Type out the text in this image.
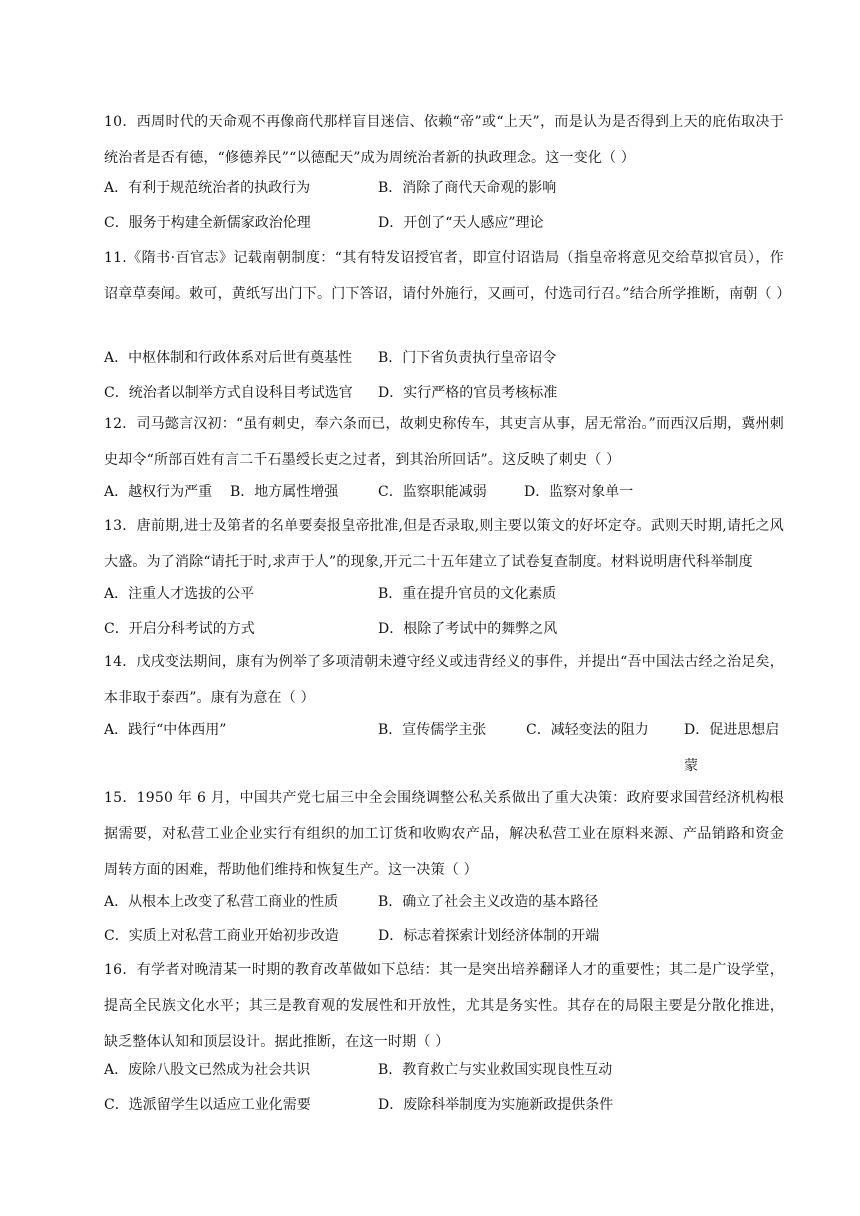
10．西周时代的天命观不再像商代那样盲目迷信、依赖“帝”或“上天”，而是认为是否得到上天的庇佑取决于统治者是否有德，“修德养民”“以德配天”成为周统治者新的执政理念。这一变化（ ）
A．有利于规范统治者的执政行为	B．消除了商代天命观的影响
C．服务于构建全新儒家政治伦理	D．开创了“天人感应”理论
11.《隋书·百官志》记载南朝制度：“其有特发诏授官者，即宣付诏诰局（指皇帝将意见交给草拟官员），作诏章草奏闻。敕可，黄纸写出门下。门下答诏，请付外施行，又画可，付选司行召。”结合所学推断，南朝（ ）
A．中枢体制和行政体系对后世有奠基性 B．门下省负责执行皇帝诏令
C．统治者以制举方式自设科目考试选官 D．实行严格的官员考核标准
12．司马懿言汉初：“虽有刺史，奉六条而已，故刺史称传车，其吏言从事，居无常治。”而西汉后期，冀州刺史却令“所部百姓有言二千石墨绶长吏之过者，到其治所回话”。这反映了刺史（ ）
A．越权行为严重 B．地方属性增强	C．监察职能减弱	D．监察对象单一
13．唐前期,进士及第者的名单要奏报皇帝批准,但是否录取,则主要以策文的好坏定夺。武则天时期,请托之风大盛。为了消除“请托于时,求声于人”的现象,开元二十五年建立了试卷复查制度。材料说明唐代科举制度
A．注重人才选拔的公平	B．重在提升官员的文化素质
C．开启分科考试的方式	D．根除了考试中的舞弊之风
14．戊戌变法期间，康有为例举了多项清朝未遵守经义或违背经义的事件，并提出“吾中国法古经之治足矣，本非取于泰西”。康有为意在（ ）
A．践行“中体西用”	B．宣传儒学主张	C．减轻变法的阻力	D．促进思想启蒙
15．1950 年 6 月，中国共产党七届三中全会围绕调整公私关系做出了重大决策：政府要求国营经济机构根据需要，对私营工业企业实行有组织的加工订货和收购农产品，解决私营工业在原料来源、产品销路和资金周转方面的困难，帮助他们维持和恢复生产。这一决策（ ）
A．从根本上改变了私营工商业的性质	B．确立了社会主义改造的基本路径
C．实质上对私营工商业开始初步改造	D．标志着探索计划经济体制的开端
16．有学者对晚清某一时期的教育改革做如下总结：其一是突出培养翻译人才的重要性；其二是广设学堂，提高全民族文化水平；其三是教育观的发展性和开放性，尤其是务实性。其存在的局限主要是分散化推进，缺乏整体认知和顶层设计。据此推断，在这一时期（ ）
A．废除八股文已然成为社会共识	B．教育救亡与实业救国实现良性互动
C．选派留学生以适应工业化需要	D．废除科举制度为实施新政提供条件
